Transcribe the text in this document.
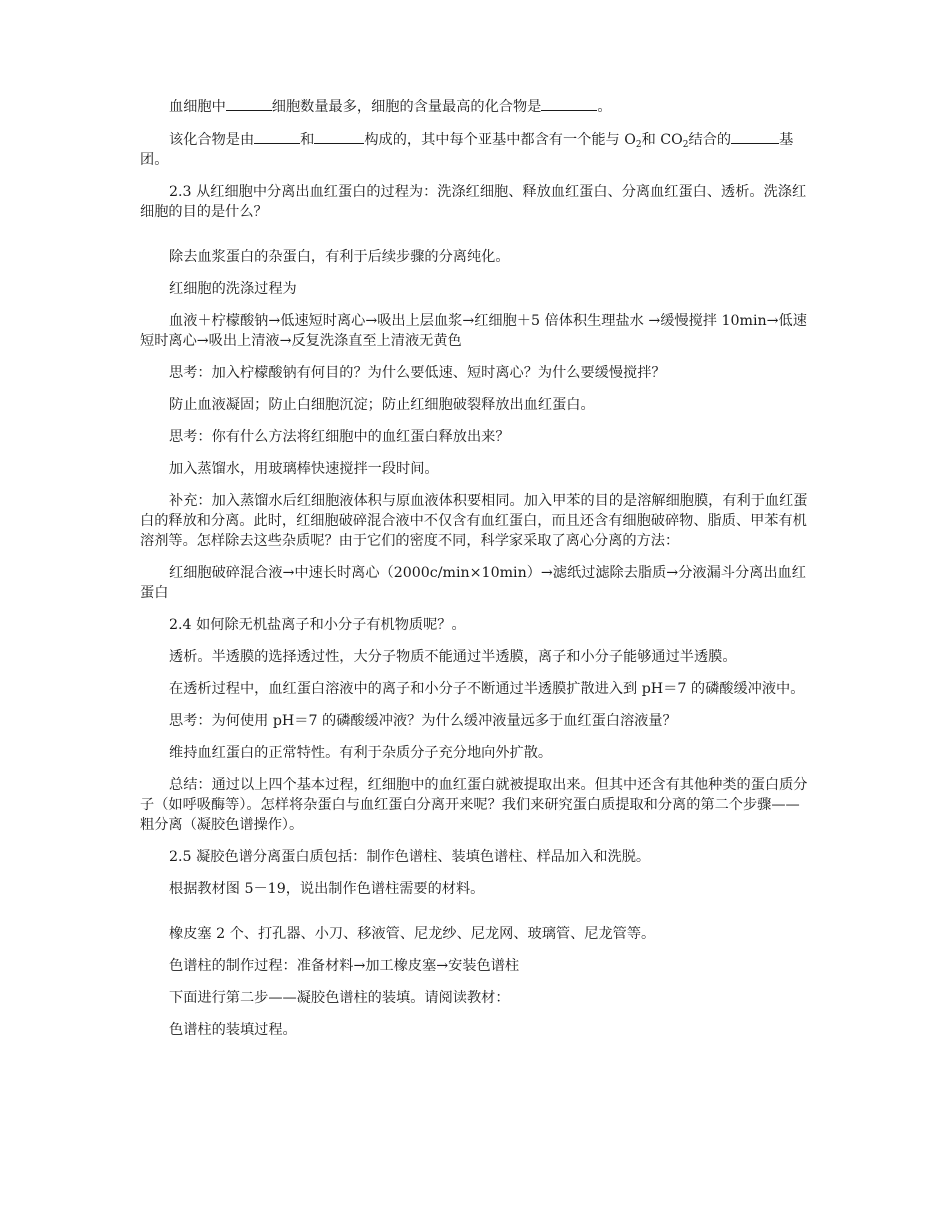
血细胞中	细胞数量最多，细胞的含量最高的化合物是	。

该化合物是由	和	构成的，其中每个亚基中都含有一个能与 $O_2$和 $CO_2$结合的	基团。

2.3 从红细胞中分离出血红蛋白的过程为：洗涤红细胞、释放血红蛋白、分离血红蛋白、透析。洗涤红细胞的目的是什么？

除去血浆蛋白的杂蛋白，有利于后续步骤的分离纯化。

红细胞的洗涤过程为

血液＋柠檬酸钠→低速短时离心→吸出上层血浆→红细胞＋5 倍体积生理盐水 →缓慢搅拌 10min→低速短时离心→吸出上清液→反复洗涤直至上清液无黄色

思考：加入柠檬酸钠有何目的？为什么要低速、短时离心？为什么要缓慢搅拌？

防止血液凝固；防止白细胞沉淀；防止红细胞破裂释放出血红蛋白。

思考：你有什么方法将红细胞中的血红蛋白释放出来？

加入蒸馏水，用玻璃棒快速搅拌一段时间。

补充：加入蒸馏水后红细胞液体积与原血液体积要相同。加入甲苯的目的是溶解细胞膜，有利于血红蛋白的释放和分离。此时，红细胞破碎混合液中不仅含有血红蛋白，而且还含有细胞破碎物、脂质、甲苯有机溶剂等。怎样除去这些杂质呢？由于它们的密度不同，科学家采取了离心分离的方法：

红细胞破碎混合液→中速长时离心（2000c/min×10min）→滤纸过滤除去脂质→分液漏斗分离出血红蛋白

2.4 如何除无机盐离子和小分子有机物质呢？。

透析。半透膜的选择透过性，大分子物质不能通过半透膜，离子和小分子能够通过半透膜。

在透析过程中，血红蛋白溶液中的离子和小分子不断通过半透膜扩散进入到 pH＝7 的磷酸缓冲液中。

思考：为何使用 pH＝7 的磷酸缓冲液？为什么缓冲液量远多于血红蛋白溶液量？

维持血红蛋白的正常特性。有利于杂质分子充分地向外扩散。

总结：通过以上四个基本过程，红细胞中的血红蛋白就被提取出来。但其中还含有其他种类的蛋白质分子（如呼吸酶等）。怎样将杂蛋白与血红蛋白分离开来呢？我们来研究蛋白质提取和分离的第二个步骤——粗分离（凝胶色谱操作）。

2.5 凝胶色谱分离蛋白质包括：制作色谱柱、装填色谱柱、样品加入和洗脱。

根据教材图 5－19，说出制作色谱柱需要的材料。

橡皮塞 2 个、打孔器、小刀、移液管、尼龙纱、尼龙网、玻璃管、尼龙管等。

色谱柱的制作过程：准备材料→加工橡皮塞→安装色谱柱

下面进行第二步——凝胶色谱柱的装填。请阅读教材：

色谱柱的装填过程。
